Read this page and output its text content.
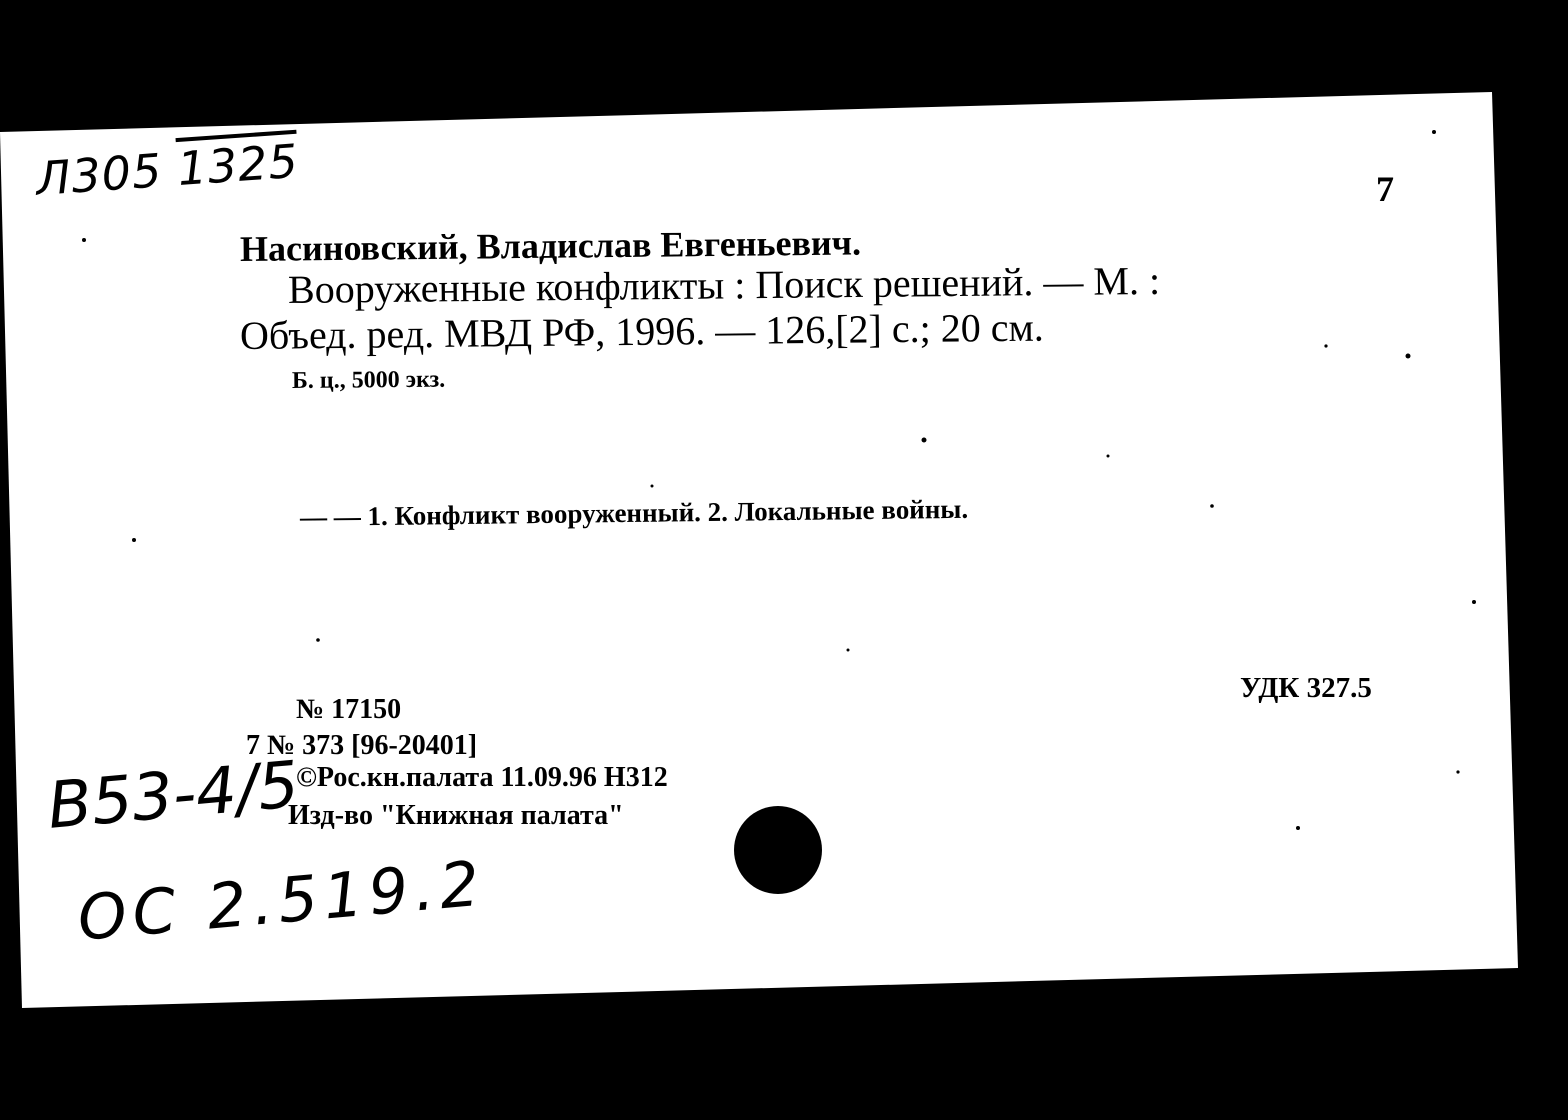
Л305 1325	7
Насиновский, Владислав Евгеньевич.
Вооруженные конфликты : Поиск решений. — М. :
Объед. ред. МВД РФ, 1996. — 126,[2] с.; 20 см.
Б. ц., 5000 экз.
— — 1. Конфликт вооруженный. 2. Локальные войны.
УДК 327.5
№ 17150
7 № 373 [96-20401]
©Рос.кн.палата 11.09.96 Н312
Изд-во "Книжная палата"
В53-4/5
ОС 2.519.2
